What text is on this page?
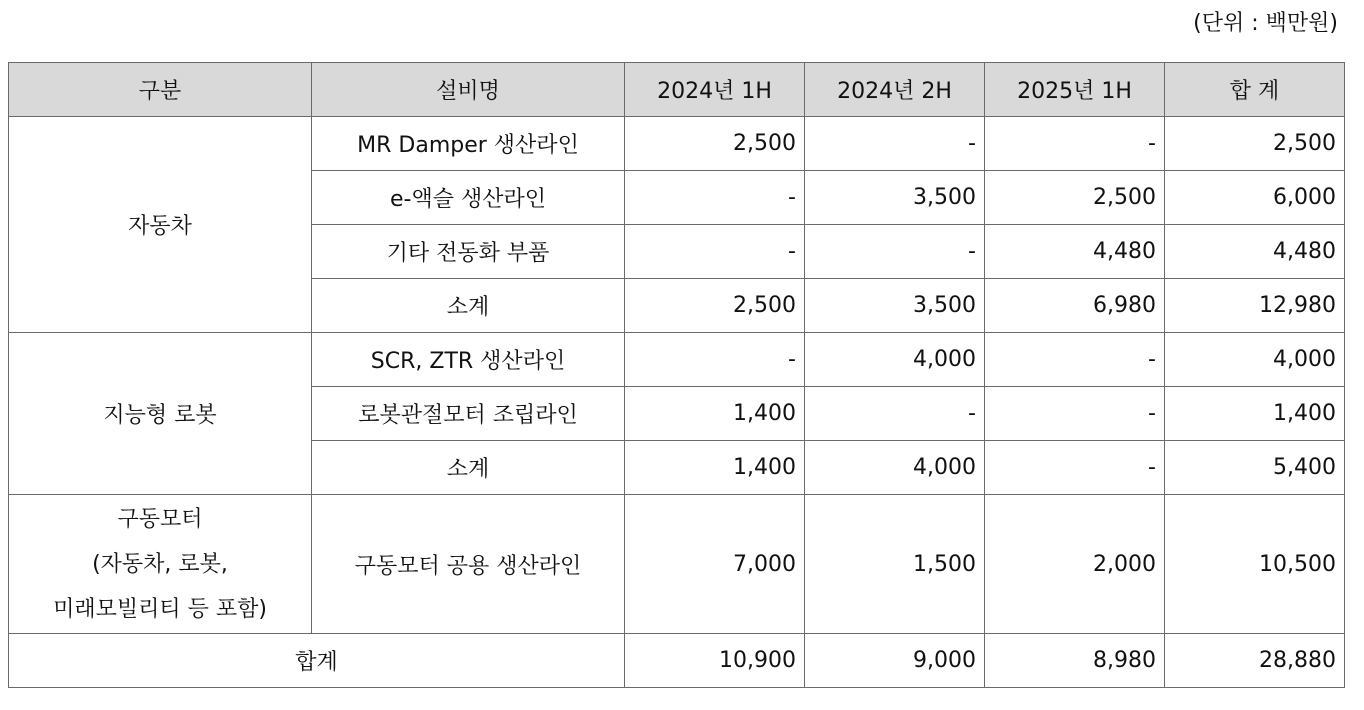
(단위 : 백만원)
구분	설비명	2024년 1H	2024년 2H	2025년 1H	합 계
자동차	MR Damper 생산라인	2,500	-	-	2,500
	e-액슬 생산라인	-	3,500	2,500	6,000
	기타 전동화 부품	-	-	4,480	4,480
	소계	2,500	3,500	6,980	12,980
지능형 로봇	SCR, ZTR 생산라인	-	4,000	-	4,000
	로봇관절모터 조립라인	1,400	-	-	1,400
	소계	1,400	4,000	-	5,400

구동모터
(자동차, 로봇,
미래모빌리티 등 포함)	구동모터 공용 생산라인	7,000	1,500	2,000	10,500
합계		10,900	9,000	8,980	28,880
